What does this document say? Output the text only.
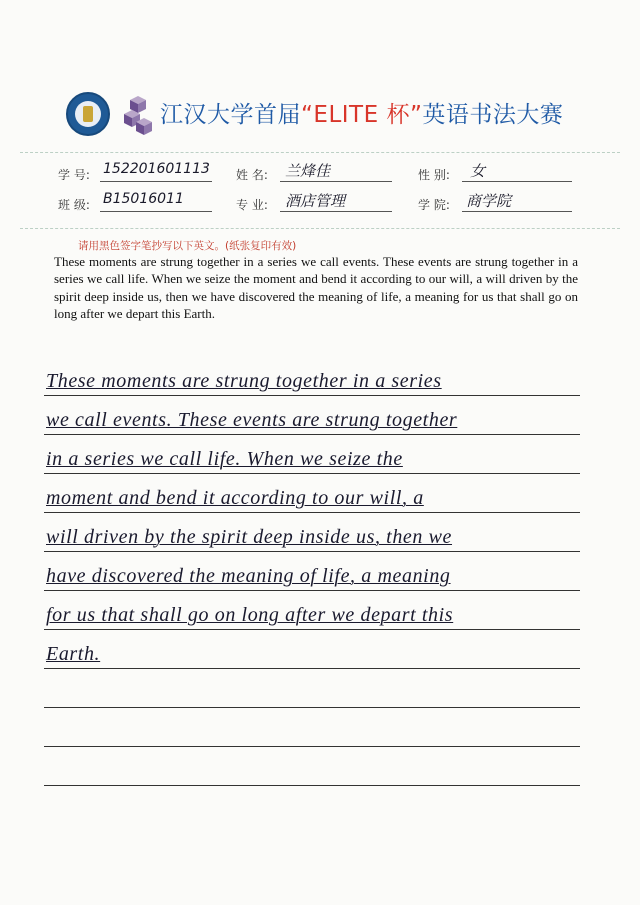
江汉大学首届“ELITE 杯”英语书法大赛
学 号: 152201601113 姓 名: 兰烽佳	性 别: 女
班 级: B15016011	专 业: 酒店管理	学 院: 商学院
请用黑色签字笔抄写以下英文。(纸张复印有效)
These moments are strung together in a series we call events. These events are strung together in a series we call life. When we seize the moment and bend it according to our will, a will driven by the spirit deep inside us, then we have discovered the meaning of life, a meaning for us that shall go on long after we depart this Earth.
These moments are strung together in a series
we call events. These events are strung together
in a series we call life. When we seize the
moment and bend it according to our will, a
will driven by the spirit deep inside us, then we
have discovered the meaning of life, a meaning
for us that shall go on long after we depart this
Earth.
